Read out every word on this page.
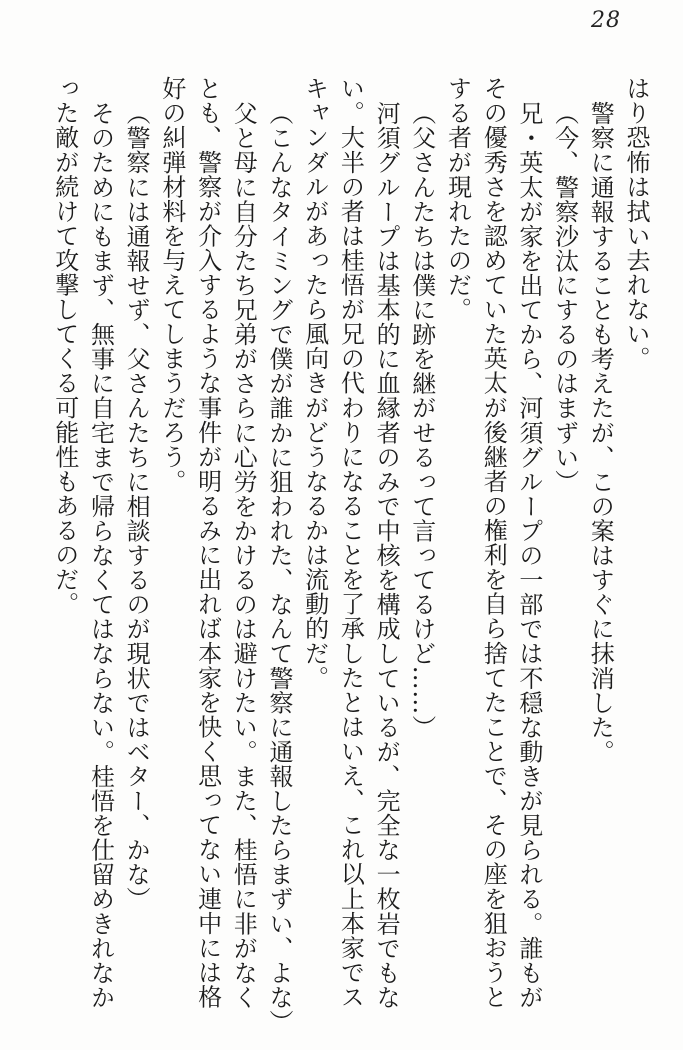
28

はり恐怖は拭い去れない。

警察に通報することも考えたが、この案はすぐに抹消した。

（今、警察沙汰にするのはまずい）

兄・英太が家を出てから、河須グループの一部では不穏な動きが見られる。誰もが

その優秀さを認めていた英太が後継者の権利を自ら捨てたことで、その座を狙おうと

する者が現れたのだ。

（父さんたちは僕に跡を継がせるって言ってるけど……）

河須グループは基本的に血縁者のみで中核を構成しているが、完全な一枚岩でもな

い。大半の者は桂悟が兄の代わりになることを了承したとはいえ、これ以上本家でス

キャンダルがあったら風向きがどうなるかは流動的だ。

（こんなタイミングで僕が誰かに狙われた、なんて警察に通報したらまずい、よな）

父と母に自分たち兄弟がさらに心労をかけるのは避けたい。また、桂悟に非がなく

とも、警察が介入するような事件が明るみに出れば本家を快く思ってない連中には格

好の糾弾材料を与えてしまうだろう。

（警察には通報せず、父さんたちに相談するのが現状ではベター、かな）

そのためにもまず、無事に自宅まで帰らなくてはならない。桂悟を仕留めきれなか

った敵が続けて攻撃してくる可能性もあるのだ。
